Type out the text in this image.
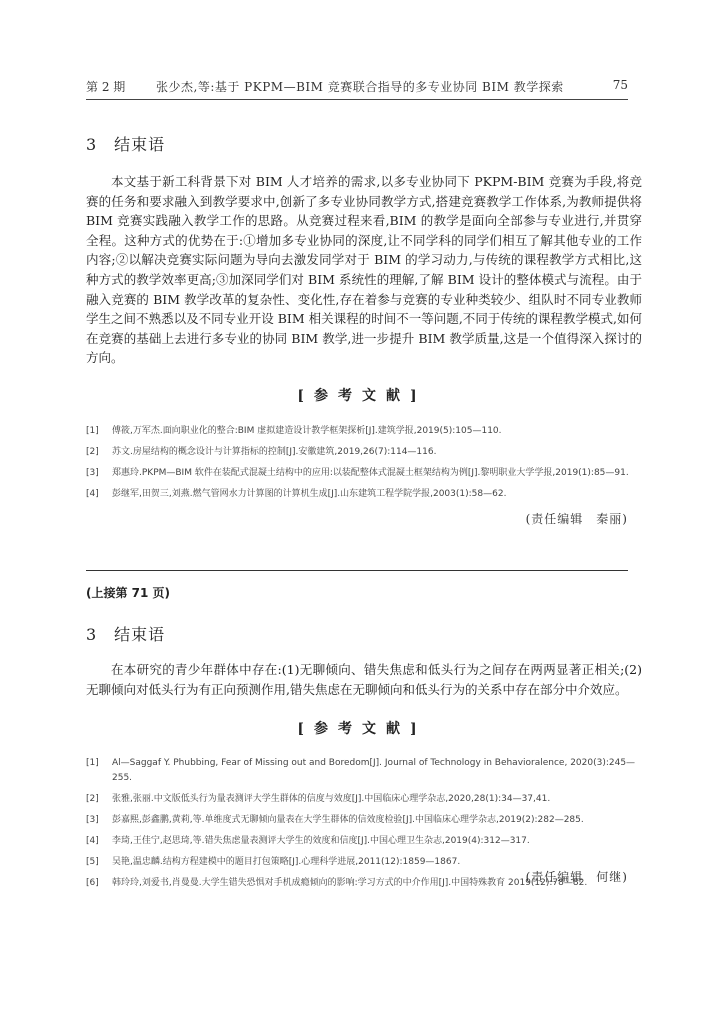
第 2 期	张少杰,等:基于 PKPM—BIM 竞赛联合指导的多专业协同 BIM 教学探索	75
3 结束语

本文基于新工科背景下对 BIM 人才培养的需求,以多专业协同下 PKPM-BIM 竞赛为手段,将竞赛的任务和要求融入到教学要求中,创新了多专业协同教学方式,搭建竞赛教学工作体系,为教师提供将 BIM 竞赛实践融入教学工作的思路。从竞赛过程来看,BIM 的教学是面向全部参与专业进行,并贯穿全程。这种方式的优势在于:①增加多专业协同的深度,让不同学科的同学们相互了解其他专业的工作内容;②以解决竞赛实际问题为导向去激发同学对于 BIM 的学习动力,与传统的课程教学方式相比,这种方式的教学效率更高;③加深同学们对 BIM 系统性的理解,了解 BIM 设计的整体模式与流程。由于融入竞赛的 BIM 教学改革的复杂性、变化性,存在着参与竞赛的专业种类较少、组队时不同专业教师学生之间不熟悉以及不同专业开设 BIM 相关课程的时间不一等问题,不同于传统的课程教学模式,如何在竞赛的基础上去进行多专业的协同 BIM 教学,进一步提升 BIM 教学质量,这是一个值得深入探讨的方向。

[参考文献]
[1] 傅筱,万军杰.面向职业化的整合:BIM 虚拟建造设计教学框架探析[J].建筑学报,2019(5):105—110.
[2] 苏文.房屋结构的概念设计与计算指标的控制[J].安徽建筑,2019,26(7):114—116.
[3] 郑惠玲.PKPM—BIM 软件在装配式混凝土结构中的应用:以装配整体式混凝土框架结构为例[J].黎明职业大学学报,2019(1):85—91.
[4] 彭继军,田贺三,刘燕.燃气管网水力计算图的计算机生成[J].山东建筑工程学院学报,2003(1):58—62.
(责任编辑　秦丽)
(上接第 71 页)
3 结束语

在本研究的青少年群体中存在:(1)无聊倾向、错失焦虑和低头行为之间存在两两显著正相关;(2)无聊倾向对低头行为有正向预测作用,错失焦虑在无聊倾向和低头行为的关系中存在部分中介效应。

[参考文献]
[1] Al—Saggaf Y. Phubbing, Fear of Missing out and Boredom[J]. Journal of Technology in Behavioralence, 2020(3):245—255.
[2] 张雅,张丽.中文版低头行为量表测评大学生群体的信度与效度[J].中国临床心理学杂志,2020,28(1):34—37,41.
[3] 彭嘉熙,彭鑫鹏,黄莉,等.单维度式无聊倾向量表在大学生群体的信效度检验[J].中国临床心理学杂志,2019(2):282—285.
[4] 李琦,王佳宁,赵思琦,等.错失焦虑量表测评大学生的效度和信度[J].中国心理卫生杂志,2019(4):312—317.
[5] 吴艳,温忠麟.结构方程建模中的题目打包策略[J].心理科学进展,2011(12):1859—1867.
[6] 韩玲玲,刘爱书,肖曼曼.大学生错失恐惧对手机成瘾倾向的影响:学习方式的中介作用[J].中国特殊教育 2019(12):78—82.
(责任编辑　何继)
